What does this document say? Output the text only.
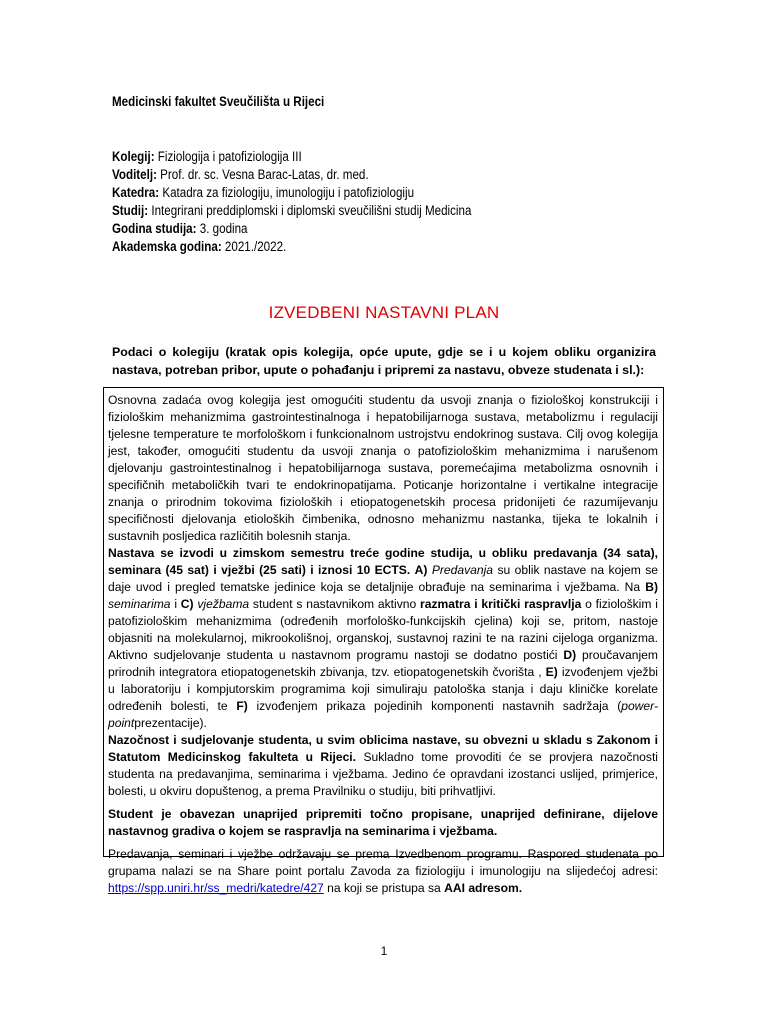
Medicinski fakultet Sveučilišta u Rijeci
Kolegij: Fiziologija i patofiziologija III
Voditelj: Prof. dr. sc. Vesna Barac-Latas, dr. med.
Katedra: Katadra za fiziologiju, imunologiju i patofiziologiju
Studij: Integrirani preddiplomski i diplomski sveučilišni studij Medicina
Godina studija: 3. godina
Akademska godina: 2021./2022.
IZVEDBENI NASTAVNI PLAN
Podaci o kolegiju (kratak opis kolegija, opće upute, gdje se i u kojem obliku organizira nastava, potreban pribor, upute o pohađanju i pripremi za nastavu, obveze studenata i sl.):

Osnovna zadaća ovog kolegija jest omogućiti studentu da usvoji znanja o fiziološkoj konstrukciji i fiziološkim mehanizmima gastrointestinalnoga i hepatobilijarnoga sustava, metabolizmu i regulaciji tjelesne temperature te morfološkom i funkcionalnom ustrojstvu endokrinog sustava. Cilj ovog kolegija jest, također, omogućiti studentu da usvoji znanja o patofiziološkim mehanizmima i narušenom djelovanju gastrointestinalnog i hepatobilijarnoga sustava, poremećajima metabolizma osnovnih i specifičnih metaboličkih tvari te endokrinopatijama. Poticanje horizontalne i vertikalne integracije znanja o prirodnim tokovima fizioloških i etiopatogenetskih procesa pridonijeti će razumijevanju specifičnosti djelovanja etioloških čimbenika, odnosno mehanizmu nastanka, tijeka te lokalnih i sustavnih posljedica različitih bolesnih stanja.

Nastava se izvodi u zimskom semestru treće godine studija, u obliku predavanja (34 sata), seminara (45 sat) i vježbi (25 sati) i iznosi 10 ECTS. A) Predavanja su oblik nastave na kojem se daje uvod i pregled tematske jedinice koja se detaljnije obrađuje na seminarima i vježbama. Na B) seminarima i C) vježbama student s nastavnikom aktivno razmatra i kritički raspravlja o fiziološkim i patofiziološkim mehanizmima (određenih morfološko-funkcijskih cjelina) koji se, pritom, nastoje objasniti na molekularnoj, mikrookolišnoj, organskoj, sustavnoj razini te na razini cijeloga organizma. Aktivno sudjelovanje studenta u nastavnom programu nastoji se dodatno postići D) proučavanjem prirodnih integratora etiopatogenetskih zbivanja, tzv. etiopatogenetskih čvorišta , E) izvođenjem vježbi u laboratoriju i kompjutorskim programima koji simuliraju patološka stanja i daju kliničke korelate određenih bolesti, te F) izvođenjem prikaza pojedinih komponenti nastavnih sadržaja (power-pointprezentacije).

Nazočnost i sudjelovanje studenta, u svim oblicima nastave, su obvezni u skladu s Zakonom i Statutom Medicinskog fakulteta u Rijeci. Sukladno tome provoditi će se provjera nazočnosti studenta na predavanjima, seminarima i vježbama. Jedino će opravdani izostanci uslijed, primjerice, bolesti, u okviru dopuštenog, a prema Pravilniku o studiju, biti prihvatljivi.

Student je obavezan unaprijed pripremiti točno propisane, unaprijed definirane, dijelove nastavnog gradiva o kojem se raspravlja na seminarima i vježbama.

Predavanja, seminari i vježbe održavaju se prema Izvedbenom programu. Raspored studenata po grupama nalazi se na Share point portalu Zavoda za fiziologiju i imunologiju na slijedećoj adresi: https://spp.uniri.hr/ss_medri/katedre/427 na koji se pristupa sa AAI adresom.

1
